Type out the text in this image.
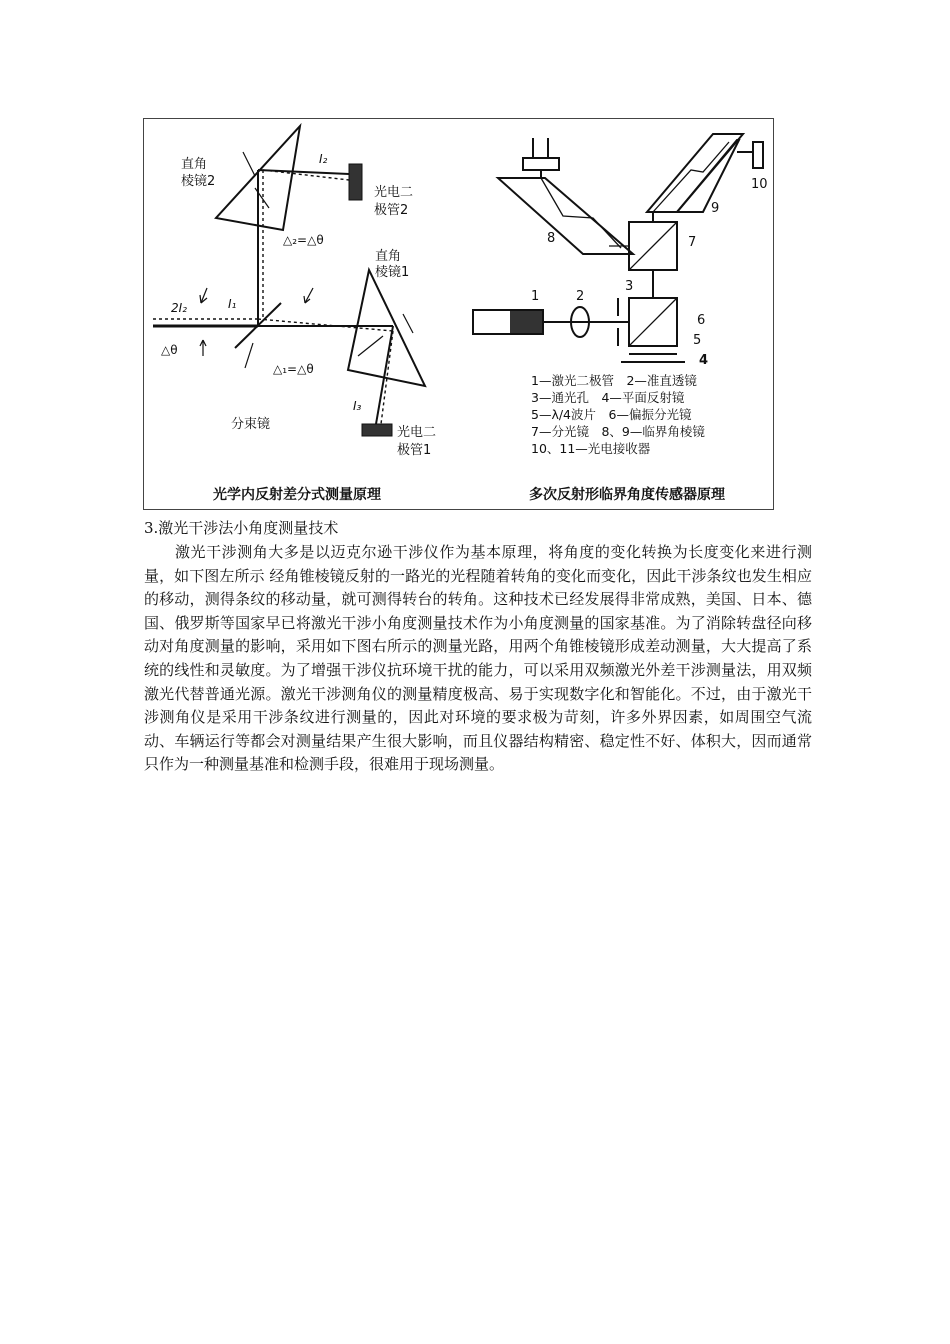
直角
棱镜2
I₂
光电二
极管2
△₂=△θ
直角
棱镜1
2I₂	I₁
△θ
△₁=△θ
I₃
分束镜
光电二
极管1
光学内反射差分式测量原理
1	2
3
4
5
6
7
8
9
10
1—激光二极管　2—准直透镜
3—通光孔　4—平面反射镜
5—λ/4波片　6—偏振分光镜
7—分光镜　8、9—临界角棱镜
10、11—光电接收器
多次反射形临界角度传感器原理
3.激光干涉法小角度测量技术

激光干涉测角大多是以迈克尔逊干涉仪作为基本原理，将角度的变化转换为长度变化来进行测量，如下图左所示 经角锥棱镜反射的一路光的光程随着转角的变化而变化，因此干涉条纹也发生相应的移动，测得条纹的移动量，就可测得转台的转角。这种技术已经发展得非常成熟，美国、日本、德国、俄罗斯等国家早已将激光干涉小角度测量技术作为小角度测量的国家基准。为了消除转盘径向移动对角度测量的影响，采用如下图右所示的测量光路，用两个角锥棱镜形成差动测量，大大提高了系统的线性和灵敏度。为了增强干涉仪抗环境干扰的能力，可以采用双频激光外差干涉测量法，用双频激光代替普通光源。激光干涉测角仪的测量精度极高、易于实现数字化和智能化。不过，由于激光干涉测角仪是采用干涉条纹进行测量的，因此对环境的要求极为苛刻，许多外界因素，如周围空气流动、车辆运行等都会对测量结果产生很大影响，而且仪器结构精密、稳定性不好、体积大，因而通常只作为一种测量基准和检测手段，很难用于现场测量。
